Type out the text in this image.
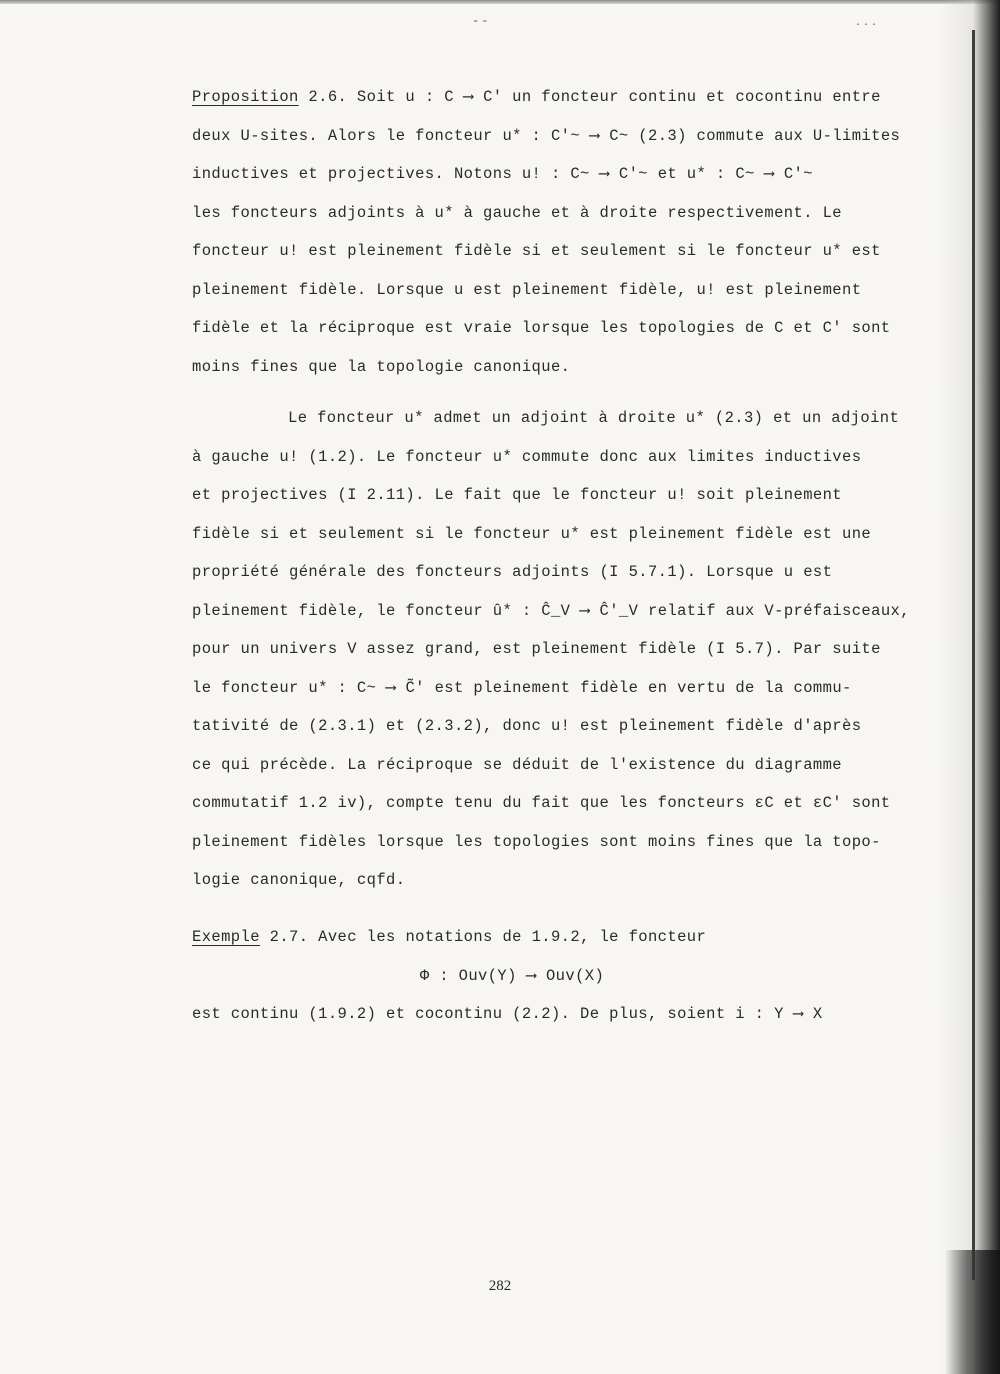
--	...
Proposition 2.6. Soit u : C ⟶ C' un foncteur continu et cocontinu entre
deux U-sites. Alors le foncteur u* : C'~ ⟶ C~ (2.3) commute aux U-limites
inductives et projectives. Notons u! : C~ ⟶ C'~ et u* : C~ ⟶ C'~
les foncteurs adjoints à u* à gauche et à droite respectivement. Le
foncteur u! est pleinement fidèle si et seulement si le foncteur u* est
pleinement fidèle. Lorsque u est pleinement fidèle, u! est pleinement
fidèle et la réciproque est vraie lorsque les topologies de C et C' sont
moins fines que la topologie canonique.
Le foncteur u* admet un adjoint à droite u* (2.3) et un adjoint
à gauche u! (1.2). Le foncteur u* commute donc aux limites inductives
et projectives (I 2.11). Le fait que le foncteur u! soit pleinement
fidèle si et seulement si le foncteur u* est pleinement fidèle est une
propriété générale des foncteurs adjoints (I 5.7.1). Lorsque u est
pleinement fidèle, le foncteur û* : Ĉ_V ⟶ Ĉ'_V relatif aux V-préfaisceaux,
pour un univers V assez grand, est pleinement fidèle (I 5.7). Par suite
le foncteur u* : C~ ⟶ C̃' est pleinement fidèle en vertu de la commu-
tativité de (2.3.1) et (2.3.2), donc u! est pleinement fidèle d'après
ce qui précède. La réciproque se déduit de l'existence du diagramme
commutatif 1.2 iv), compte tenu du fait que les foncteurs εC et εC' sont
pleinement fidèles lorsque les topologies sont moins fines que la topo-
logie canonique, cqfd.
Exemple 2.7. Avec les notations de 1.9.2, le foncteur

Φ : Ouv(Y) ⟶ Ouv(X)
est continu (1.9.2) et cocontinu (2.2). De plus, soient i : Y ⟶ X
282
